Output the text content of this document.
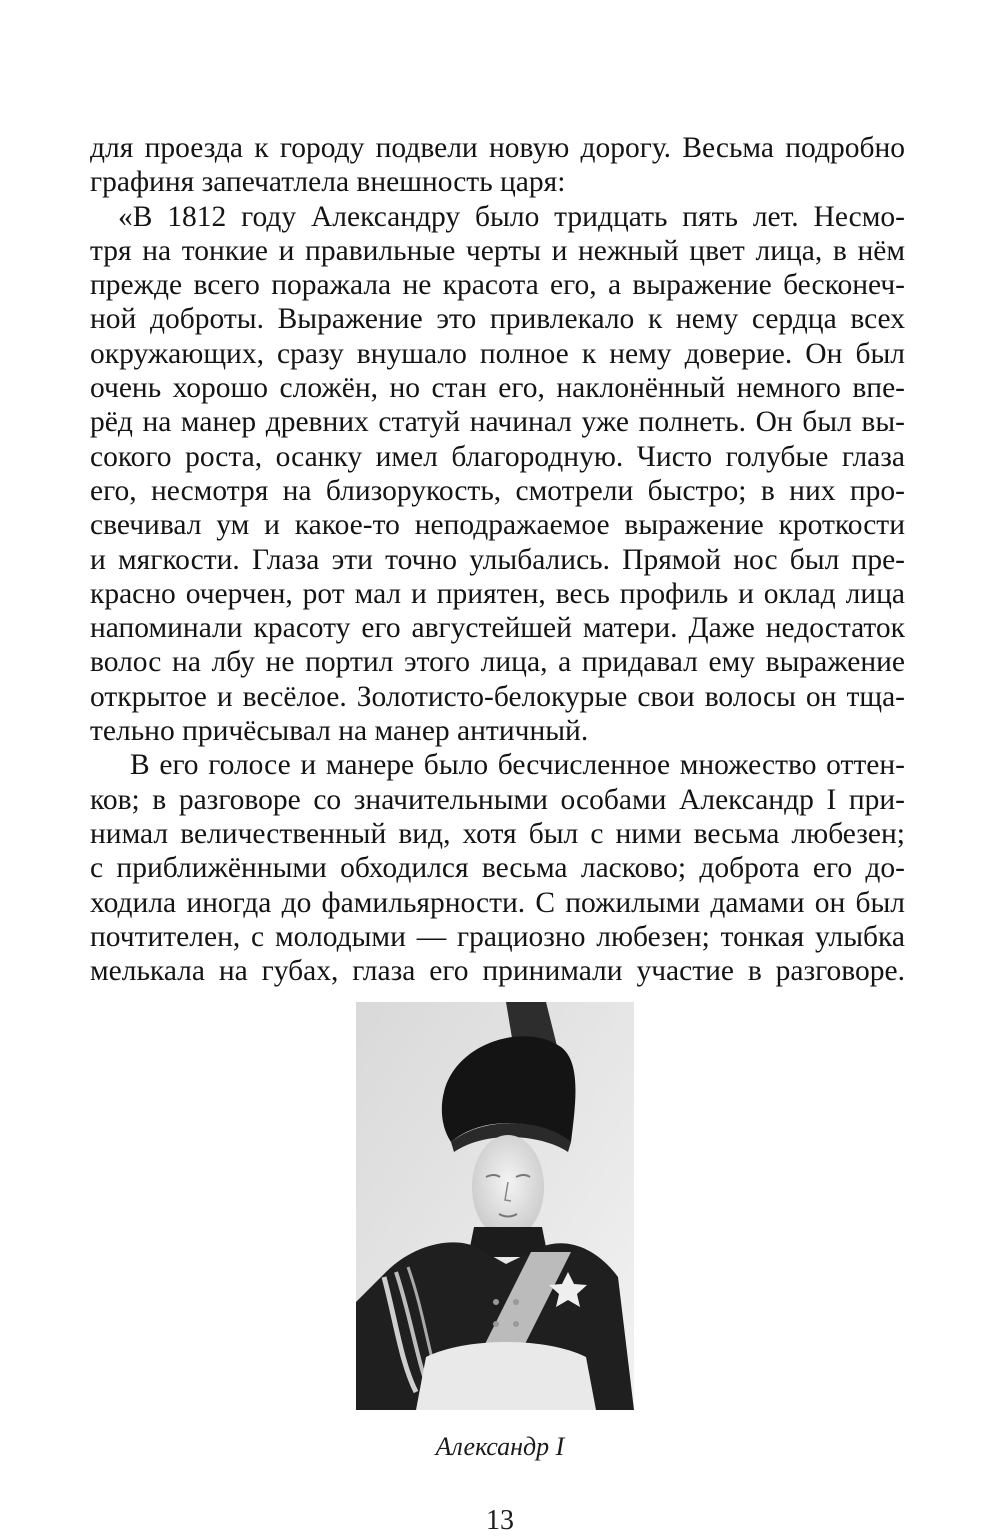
для проезда к городу подвели новую дорогу. Весьма подробно
графиня запечатлела внешность царя:
«В 1812 году Александру было тридцать пять лет. Несмо-
тря на тонкие и правильные черты и нежный цвет лица, в нём
прежде всего поражала не красота его, а выражение бесконеч-
ной доброты. Выражение это привлекало к нему сердца всех
окружающих, сразу внушало полное к нему доверие. Он был
очень хорошо сложён, но стан его, наклонённый немного впе-
рёд на манер древних статуй начинал уже полнеть. Он был вы-
сокого роста, осанку имел благородную. Чисто голубые глаза
его, несмотря на близорукость, смотрели быстро; в них про-
свечивал ум и какое-то неподражаемое выражение кроткости
и мягкости. Глаза эти точно улыбались. Прямой нос был пре-
красно очерчен, рот мал и приятен, весь профиль и оклад лица
напоминали красоту его августейшей матери. Даже недостаток
волос на лбу не портил этого лица, а придавал ему выражение
открытое и весёлое. Золотисто-белокурые свои волосы он тща-
тельно причёсывал на манер античный.
В его голосе и манере было бесчисленное множество оттен-
ков; в разговоре со значительными особами Александр I при-
нимал величественный вид, хотя был с ними весьма любезен;
с приближёнными обходился весьма ласково; доброта его до-
ходила иногда до фамильярности. С пожилыми дамами он был
почтителен, с молодыми — грациозно любезен; тонкая улыбка
мелькала на губах, глаза его принимали участие в разговоре.
Александр I
13
